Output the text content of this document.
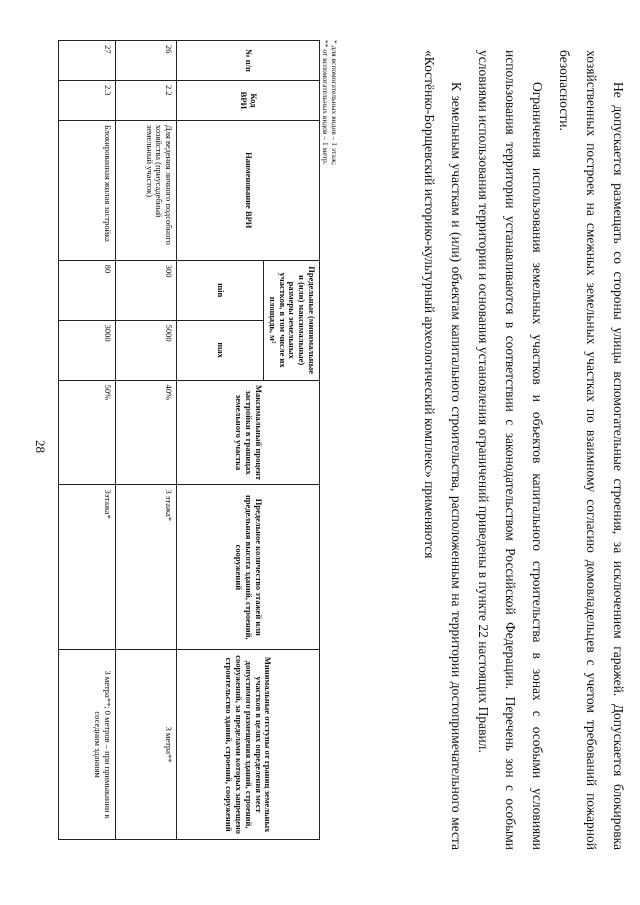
28	Не допускается размещать со стороны улицы вспомогательные строения, за исключением гаражей. Допускается блокировка хозяйственных построек на смежных земельных участках по взаимному согласию домовладельцев с учетом требований пожарной безопасности.

Ограничения использования земельных участков и объектов капитального строительства в зонах с особыми условиями использования территории устанавливаются в соответствии с законодательством Российской Федерации. Перечень зон с особыми условиями использования территории и основания установления ограничений приведены в пункте 22 настоящих Правил.

К земельным участкам и (или) объектам капитального строительства, расположенным на территории достопримечательного места «Костёнко-Борщевский историко-культурный археологический комплекс» применяются

* для вспомогательных видов – 1 этаж;
** от вспомогательных видов – 1 метр.
№ п/п	Код ВРИ	Наименование ВРИ	Предельные (минимальные и (или) максимальные) размеры земельных участков, в том числе их площадь, м²		Максимальный процент застройки в границах земельного участка	Предельное количество этажей или предельная высота зданий, строений, сооружений	Минимальные отступы от границ земельных участков в целях определения мест допустимого размещения зданий, строений, сооружений, за пределами которых запрещено строительство зданий, строений, сооружений
			min	max			
26	2.2	Для ведения личного подсобного хозяйства (приусадебный земельный участок)	300	5000	40%	3 этажа*	3 метра**
27	2.3	Блокированная жилая застройка	80	3000	50%	3этажа*	3 метра**; 0 метров – при примыкании к соседним зданиям
